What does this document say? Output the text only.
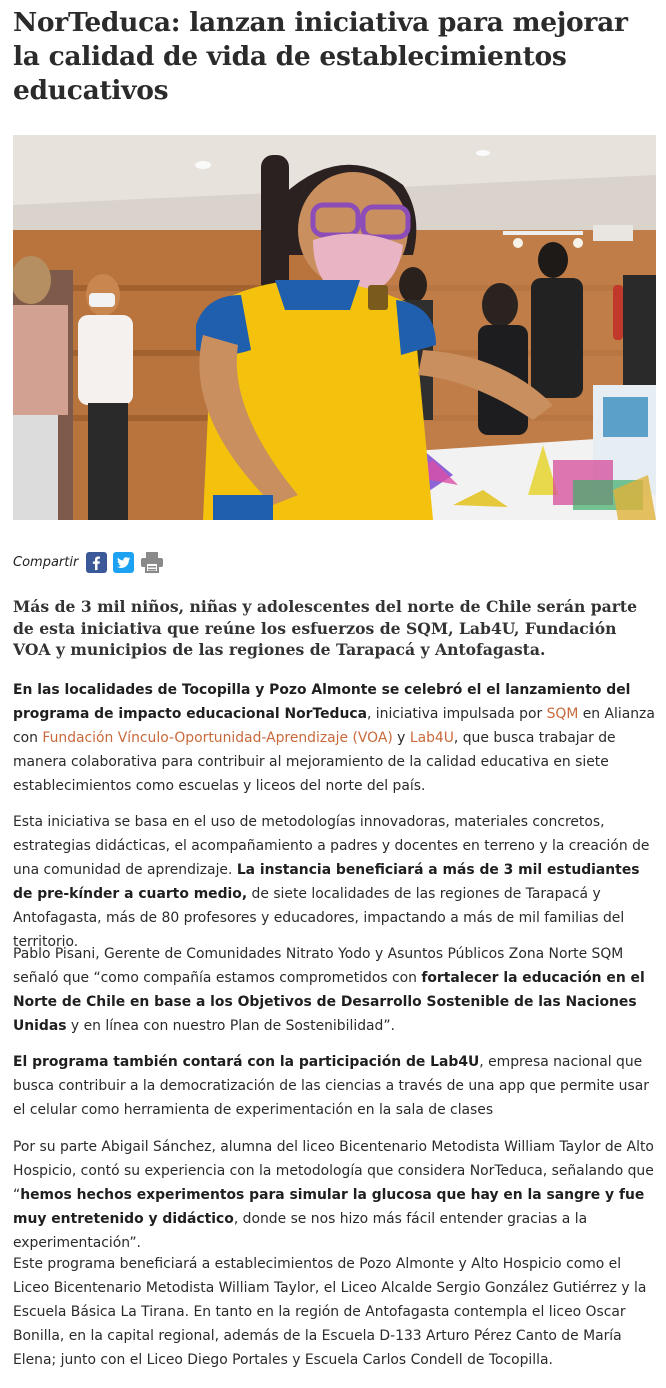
NorTeduca: lanzan iniciativa para mejorar la calidad de vida de establecimientos educativos
Compartir

Más de 3 mil niños, niñas y adolescentes del norte de Chile serán parte de esta iniciativa que reúne los esfuerzos de SQM, Lab4U, Fundación VOA y municipios de las regiones de Tarapacá y Antofagasta.

En las localidades de Tocopilla y Pozo Almonte se celebró el el lanzamiento del programa de impacto educacional NorTeduca, iniciativa impulsada por SQM en Alianza con Fundación Vínculo-Oportunidad-Aprendizaje (VOA) y Lab4U, que busca trabajar de manera colaborativa para contribuir al mejoramiento de la calidad educativa en siete establecimientos como escuelas y liceos del norte del país.

Esta iniciativa se basa en el uso de metodologías innovadoras, materiales concretos, estrategias didácticas, el acompañamiento a padres y docentes en terreno y la creación de una comunidad de aprendizaje. La instancia beneficiará a más de 3 mil estudiantes de pre-kínder a cuarto medio, de siete localidades de las regiones de Tarapacá y Antofagasta, más de 80 profesores y educadores, impactando a más de mil familias del territorio.

Pablo Pisani, Gerente de Comunidades Nitrato Yodo y Asuntos Públicos Zona Norte SQM señaló que “como compañía estamos comprometidos con fortalecer la educación en el Norte de Chile en base a los Objetivos de Desarrollo Sostenible de las Naciones Unidas y en línea con nuestro Plan de Sostenibilidad”.

El programa también contará con la participación de Lab4U, empresa nacional que busca contribuir a la democratización de las ciencias a través de una app que permite usar el celular como herramienta de experimentación en la sala de clases

Por su parte Abigail Sánchez, alumna del liceo Bicentenario Metodista William Taylor de Alto Hospicio, contó su experiencia con la metodología que considera NorTeduca, señalando que “hemos hechos experimentos para simular la glucosa que hay en la sangre y fue muy entretenido y didáctico, donde se nos hizo más fácil entender gracias a la experimentación”.

Este programa beneficiará a establecimientos de Pozo Almonte y Alto Hospicio como el Liceo Bicentenario Metodista William Taylor, el Liceo Alcalde Sergio González Gutiérrez y la Escuela Básica La Tirana. En tanto en la región de Antofagasta contempla el liceo Oscar Bonilla, en la capital regional, además de la Escuela D-133 Arturo Pérez Canto de María Elena; junto con el Liceo Diego Portales y Escuela Carlos Condell de Tocopilla.
